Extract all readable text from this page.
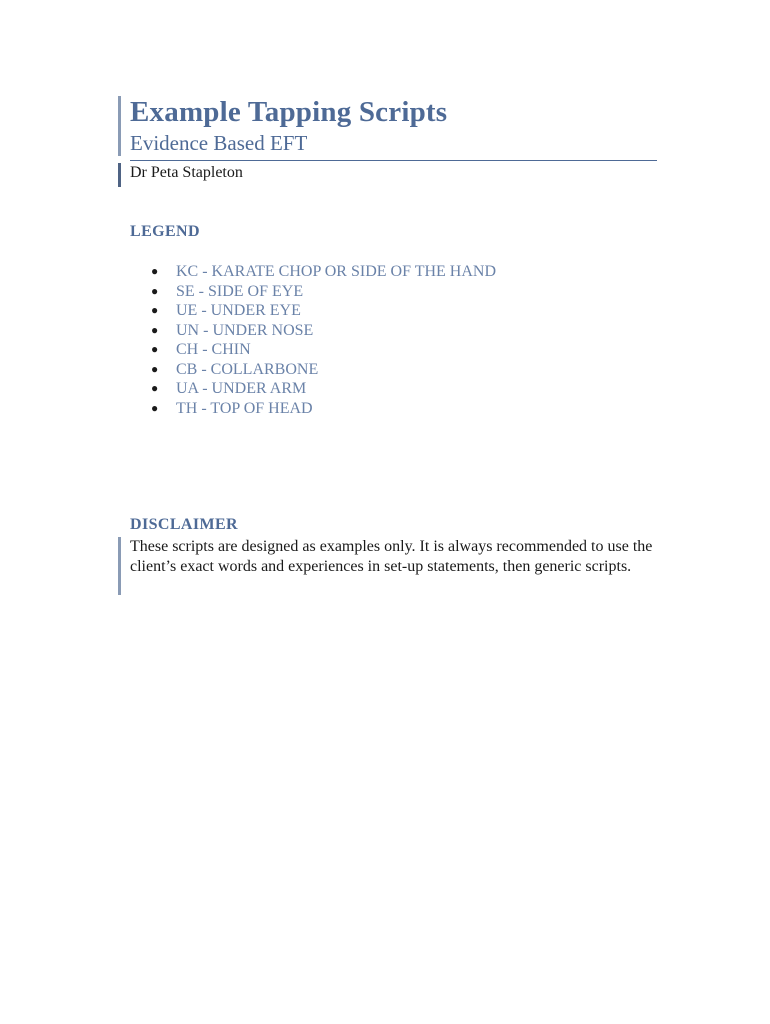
Example Tapping Scripts
Evidence Based EFT

Dr Peta Stapleton

LEGEND
● KC - KARATE CHOP OR SIDE OF THE HAND
● SE - SIDE OF EYE
● UE - UNDER EYE
● UN - UNDER NOSE
● CH - CHIN
● CB - COLLARBONE
● UA - UNDER ARM
● TH - TOP OF HEAD
DISCLAIMER

These scripts are designed as examples only. It is always recommended to use the client’s exact words and experiences in set-up statements, then generic scripts.
